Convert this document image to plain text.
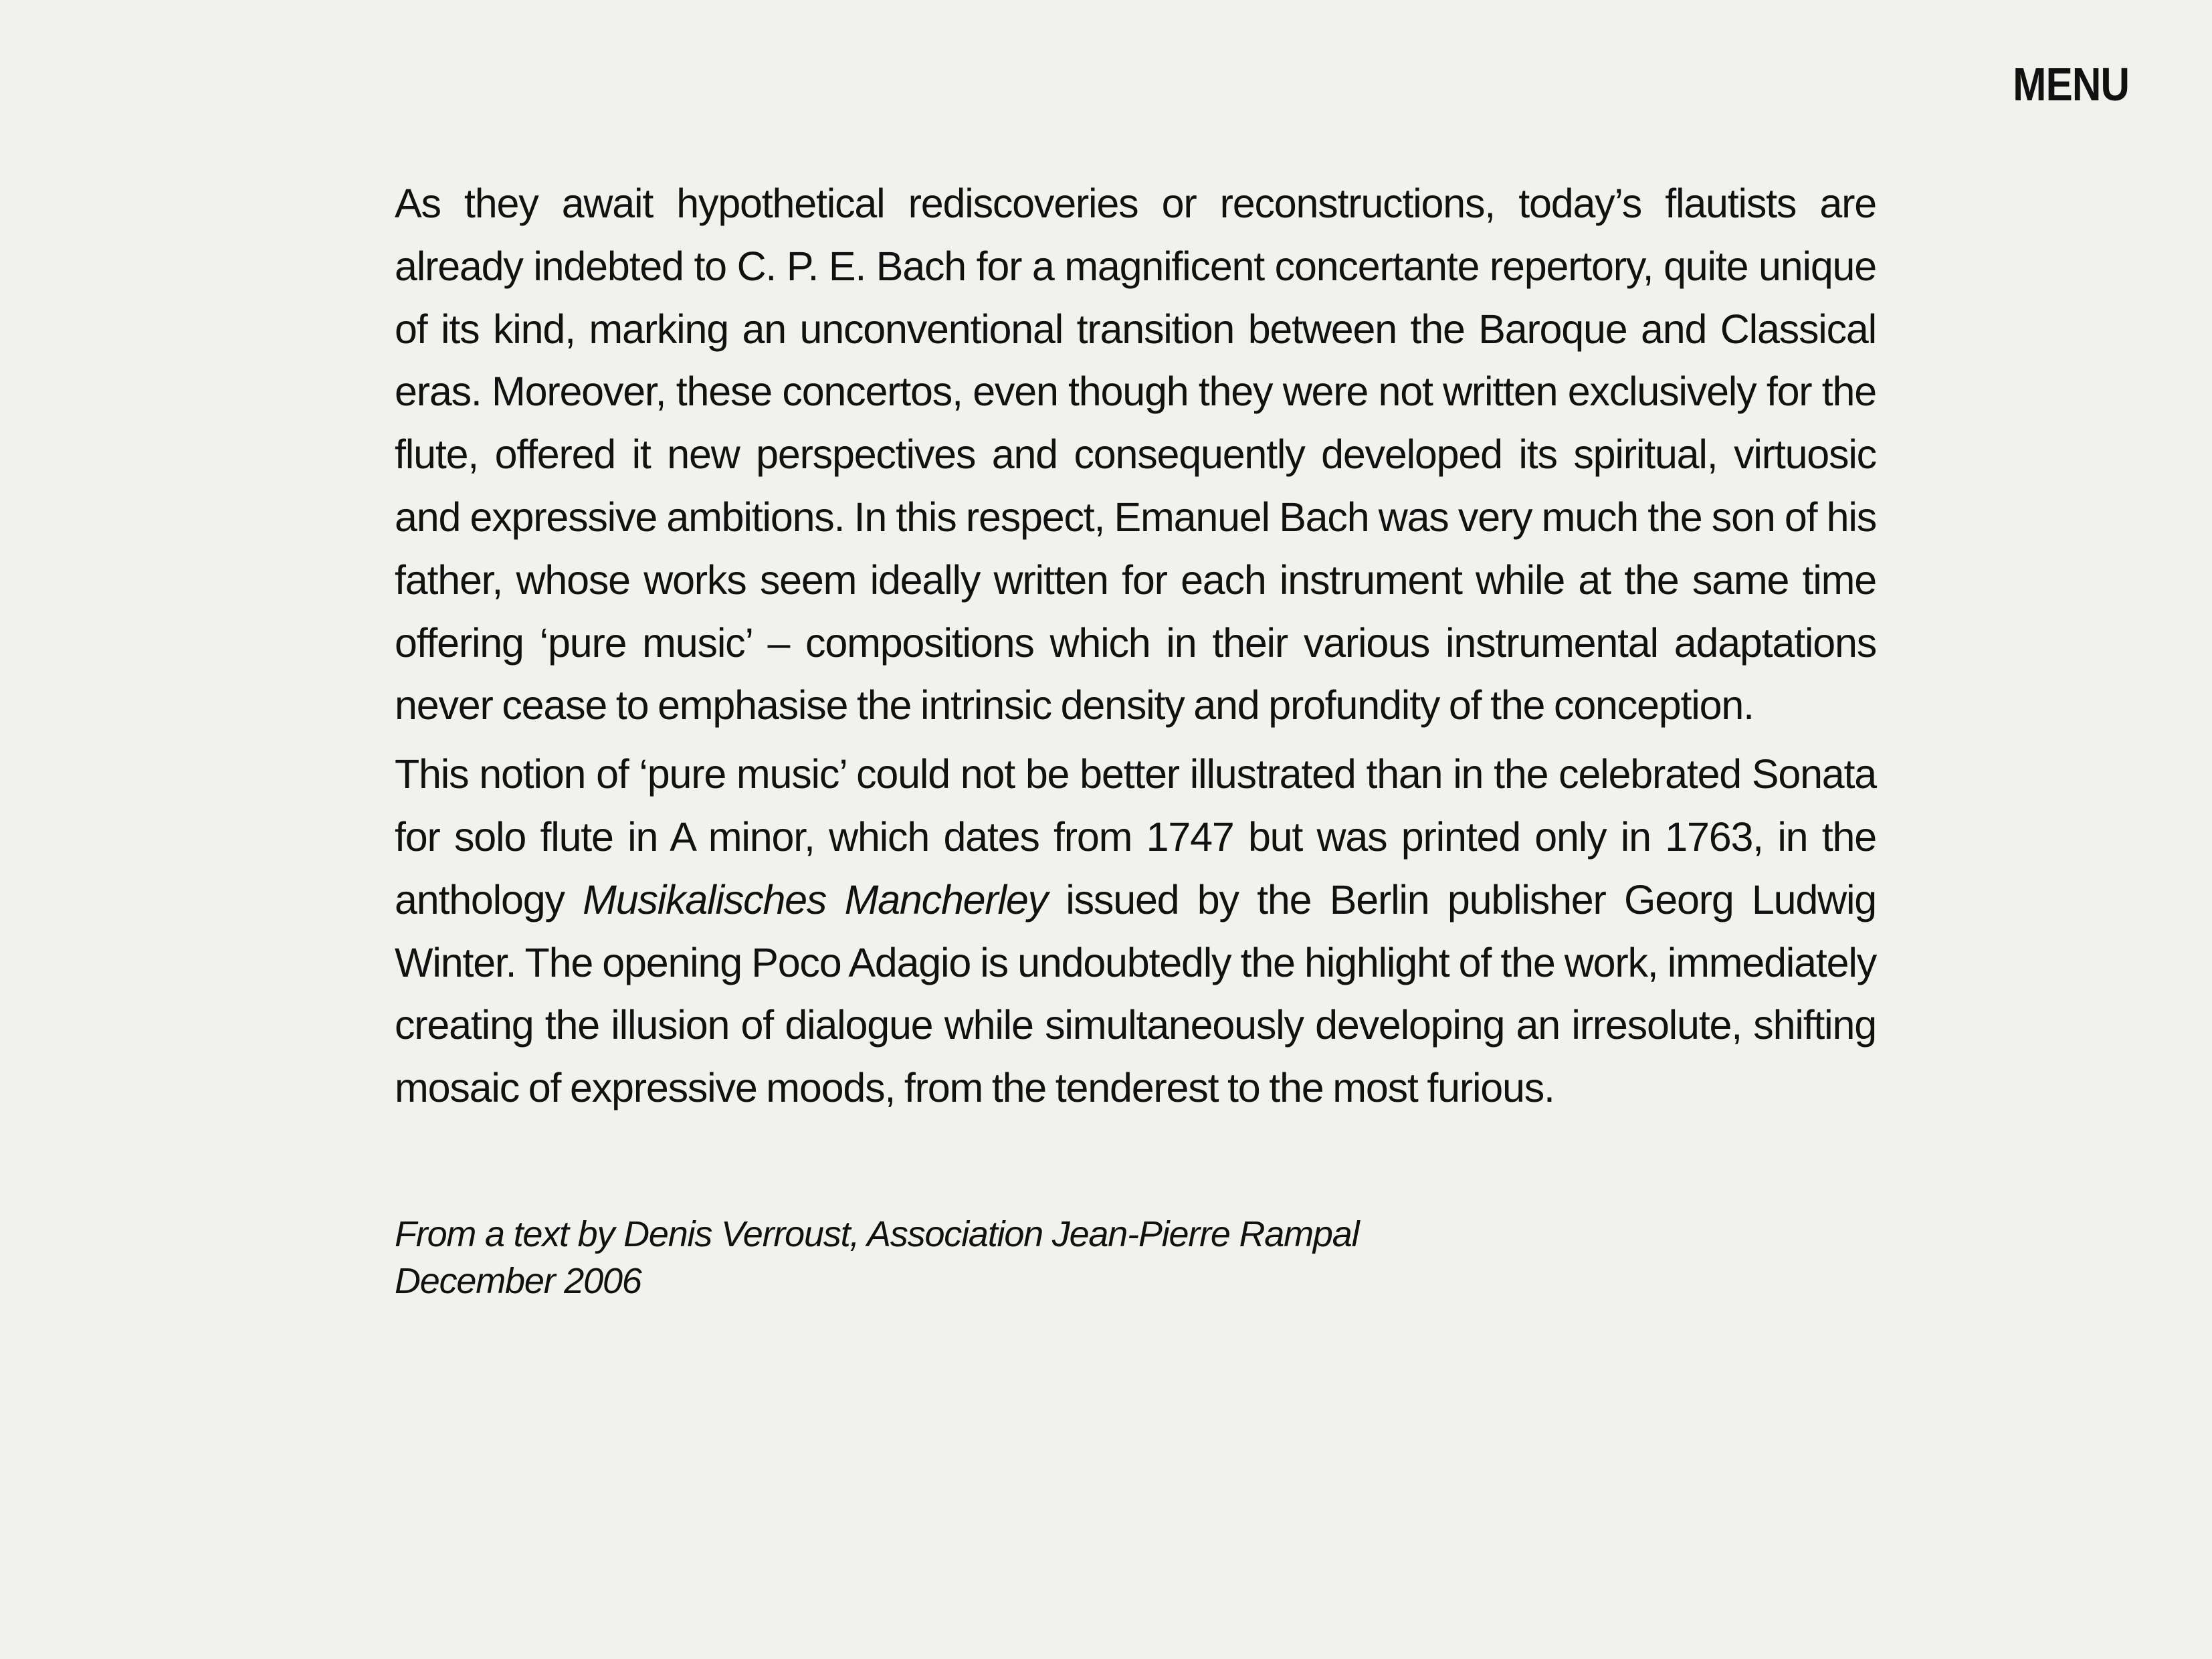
MENU

As they await hypothetical rediscoveries or reconstructions, today’s flautists are already indebted to C. P. E. Bach for a magnificent concertante repertory, quite unique of its kind, marking an unconventional transition between the Baroque and Classical eras. Moreover, these concertos, even though they were not written exclusively for the flute, offered it new perspectives and consequently developed its spiritual, virtuosic and expressive ambitions. In this respect, Emanuel Bach was very much the son of his father, whose works seem ideally written for each instrument while at the same time offering ‘pure music’ – compositions which in their various instrumental adaptations never cease to emphasise the intrinsic density and profundity of the conception.

This notion of ‘pure music’ could not be better illustrated than in the celebrated Sonata for solo flute in A minor, which dates from 1747 but was printed only in 1763, in the anthology Musikalisches Mancherley issued by the Berlin publisher Georg Ludwig Winter. The opening Poco Adagio is undoubtedly the highlight of the work, immediately creating the illusion of dialogue while simultaneously developing an irresolute, shifting mosaic of expressive moods, from the tenderest to the most furious.

From a text by Denis Verroust, Association Jean-Pierre Rampal
December 2006
